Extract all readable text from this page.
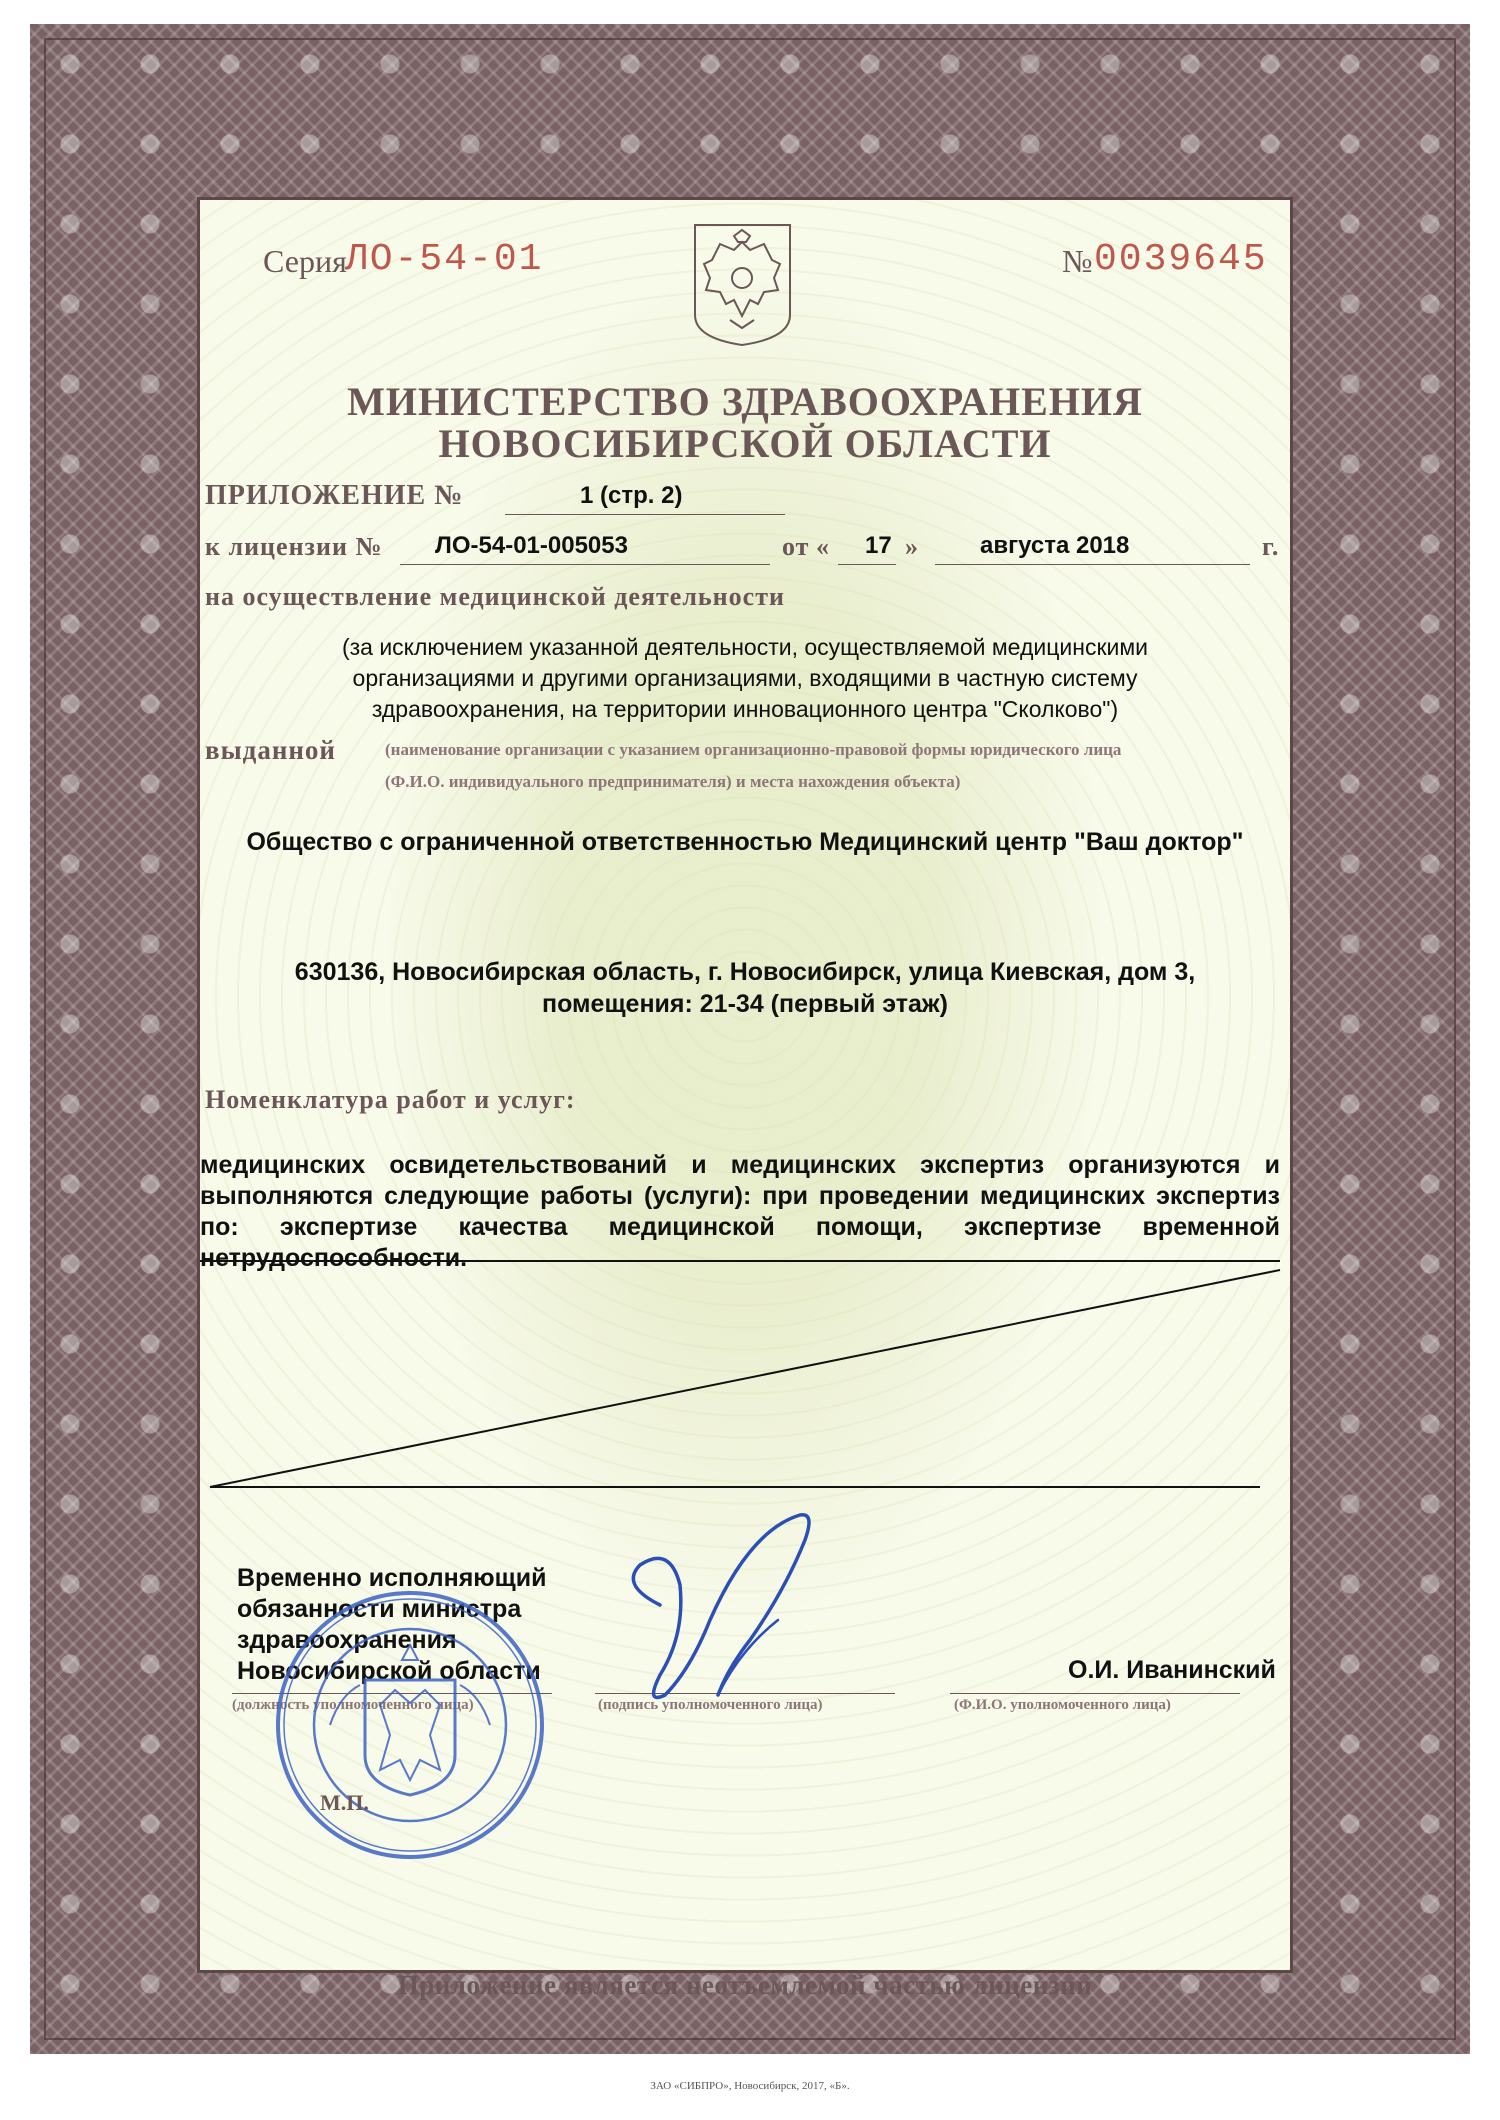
Серия
ЛО-54-01	№ 0039645
МИНИСТЕРСТВО ЗДРАВООХРАНЕНИЯ
НОВОСИБИРСКОЙ ОБЛАСТИ
ПРИЛОЖЕНИЕ №	1 (стр. 2)
к лицензии № ЛО-54-01-005053	от « 17 »	августа 2018	г.
на осуществление медицинской деятельности
(за исключением указанной деятельности, осуществляемой медицинскими
организациями и другими организациями, входящими в частную систему
здравоохранения, на территории инновационного центра "Сколково")
выданной	(наименование организации с указанием организационно-правовой формы юридического лица
(Ф.И.О. индивидуального предпринимателя) и места нахождения объекта)
Общество с ограниченной ответственностью Медицинский центр "Ваш доктор"
630136, Новосибирская область, г. Новосибирск, улица Киевская, дом 3,
помещения: 21-34 (первый этаж)
Номенклатура работ и услуг:
медицинских освидетельствований и медицинских экспертиз организуются и
выполняются следующие работы (услуги): при проведении медицинских экспертиз
по: экспертизе качества медицинской помощи, экспертизе временной
нетрудоспособности.
Временно исполняющий
обязанности министра
здравоохранения
Новосибирской области	О.И. Иванинский
(должность уполномоченного лица)	(подпись уполномоченного лица)	(Ф.И.О. уполномоченного лица)
М.П.
Приложение является неотъемлемой частью лицензии
ЗАО «СИБПРО», Новосибирск, 2017, «Б».
